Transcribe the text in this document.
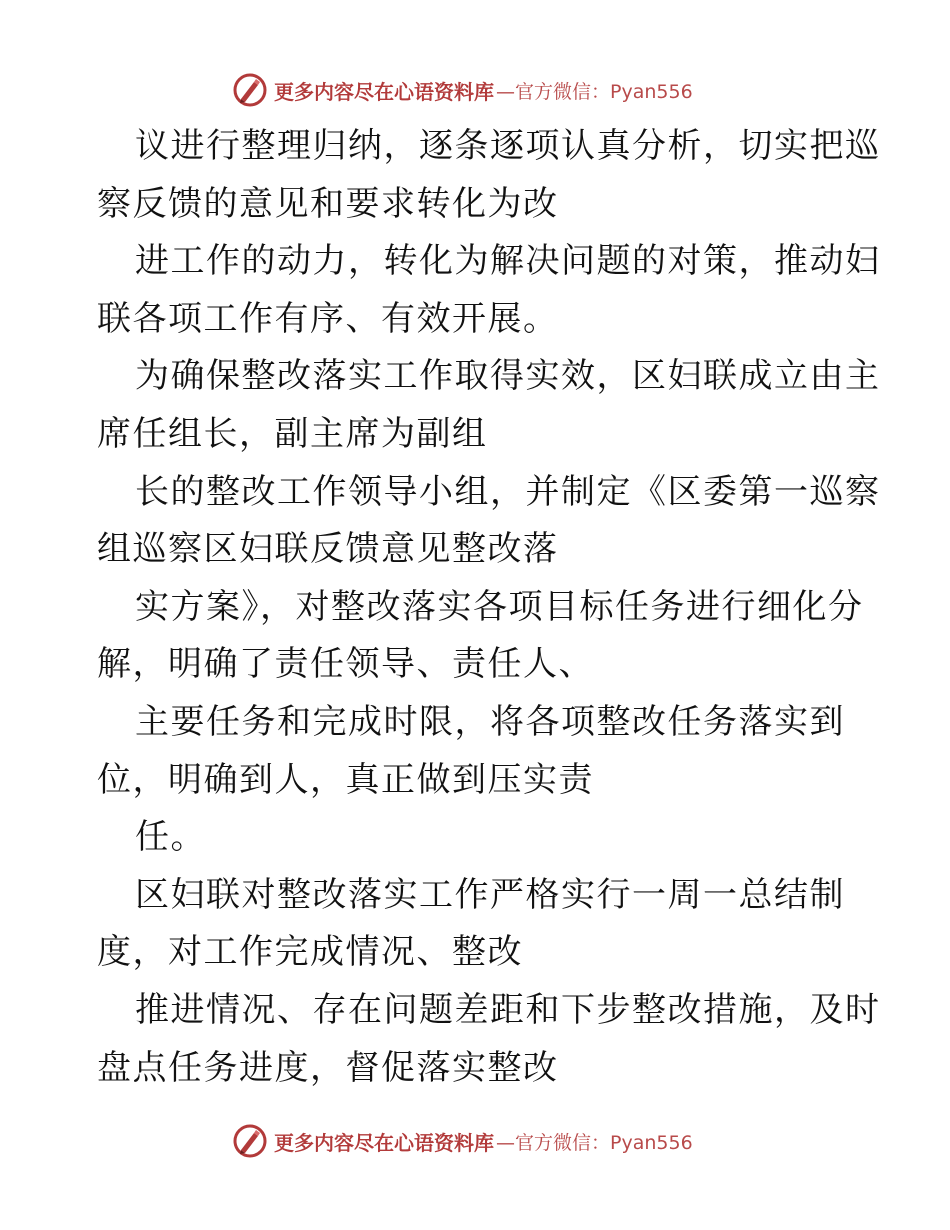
更多内容尽在心语资料库 —官方微信：Pyan556
议进行整理归纳，逐条逐项认真分析，切实把巡
察反馈的意见和要求转化为改
进工作的动力，转化为解决问题的对策，推动妇
联各项工作有序、有效开展。
为确保整改落实工作取得实效，区妇联成立由主
席任组长，副主席为副组
长的整改工作领导小组，并制定《区委第一巡察
组巡察区妇联反馈意见整改落
实方案》，对整改落实各项目标任务进行细化分
解，明确了责任领导、责任人、
主要任务和完成时限，将各项整改任务落实到
位，明确到人，真正做到压实责
任。
区妇联对整改落实工作严格实行一周一总结制
度，对工作完成情况、整改
推进情况、存在问题差距和下步整改措施，及时
盘点任务进度，督促落实整改
更多内容尽在心语资料库 —官方微信：Pyan556
